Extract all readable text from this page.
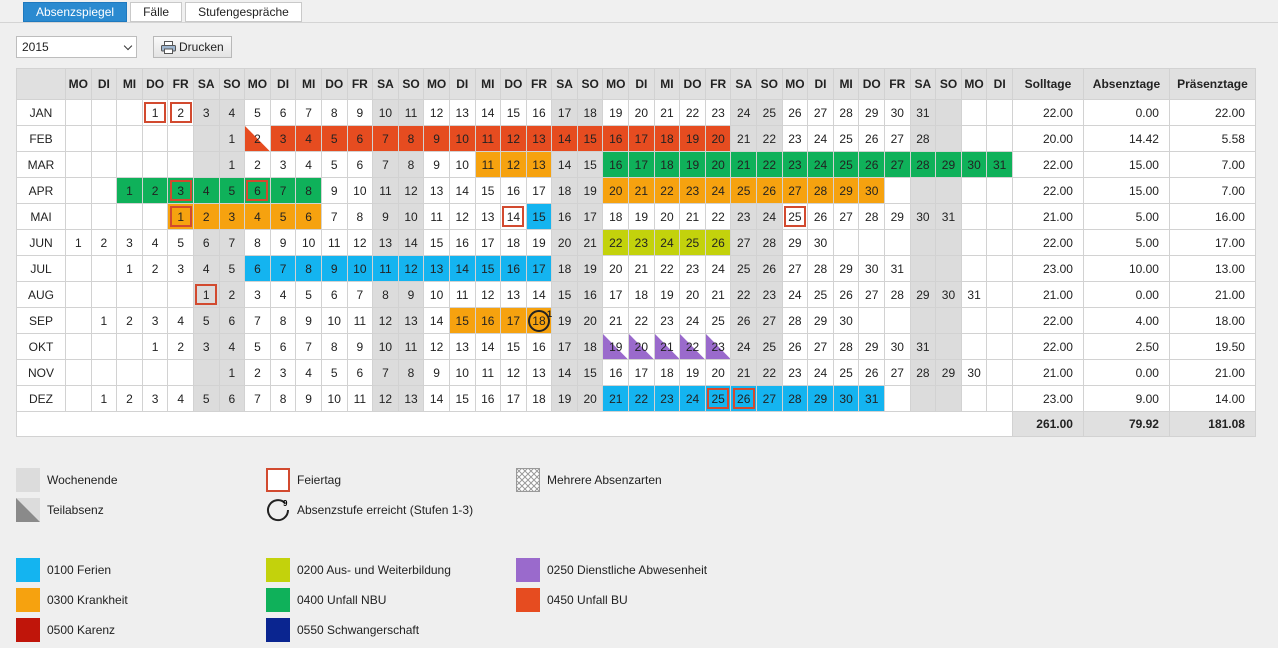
Absenzspiegel	Fälle	Stufengespräche
2015	Drucken
	MO	DI	MI	DO	FR	SA	SO	MO	DI	MI	DO	FR	SA	SO	MO	DI	MI	DO	FR	SA	SO	MO	DI	MI	DO	FR	SA	SO	MO	DI	MI	DO	FR	SA	SO	MO	DI	Solltage	Absenztage	Präsenztage
JAN				1	2	3	4	5	6	7	8	9	10	11	12	13	14	15	16	17	18	19	20	21	22	23	24	25	26	27	28	29	30	31				22.00	0.00	22.00
FEB							1	2	3	4	5	6	7	8	9	10	11	12	13	14	15	16	17	18	19	20	21	22	23	24	25	26	27	28				20.00	14.42	5.58
MAR							1	2	3	4	5	6	7	8	9	10	11	12	13	14	15	16	17	18	19	20	21	22	23	24	25	26	27	28	29	30	31	22.00	15.00	7.00
APR			1	2	3	4	5	6	7	8	9	10	11	12	13	14	15	16	17	18	19	20	21	22	23	24	25	26	27	28	29	30						22.00	15.00	7.00
MAI					1	2	3	4	5	6	7	8	9	10	11	12	13	14	15	16	17	18	19	20	21	22	23	24	25	26	27	28	29	30	31			21.00	5.00	16.00
JUN	1	2	3	4	5	6	7	8	9	10	11	12	13	14	15	16	17	18	19	20	21	22	23	24	25	26	27	28	29	30								22.00	5.00	17.00
JUL			1	2	3	4	5	6	7	8	9	10	11	12	13	14	15	16	17	18	19	20	21	22	23	24	25	26	27	28	29	30	31					23.00	10.00	13.00
AUG						1	2	3	4	5	6	7	8	9	10	11	12	13	14	15	16	17	18	19	20	21	22	23	24	25	26	27	28	29	30	31		21.00	0.00	21.00
SEP		1	2	3	4	5	6	7	8	9	10	11	12	13	14	15	16	17	18 1	19	20	21	22	23	24	25	26	27	28	29	30							22.00	4.00	18.00
OKT				1	2	3	4	5	6	7	8	9	10	11	12	13	14	15	16	17	18	19	20	21	22	23	24	25	26	27	28	29	30	31				22.00	2.50	19.50
NOV							1	2	3	4	5	6	7	8	9	10	11	12	13	14	15	16	17	18	19	20	21	22	23	24	25	26	27	28	29	30		21.00	0.00	21.00
DEZ		1	2	3	4	5	6	7	8	9	10	11	12	13	14	15	16	17	18	19	20	21	22	23	24	25	26	27	28	29	30	31						23.00	9.00	14.00
																																						261.00	79.92	181.08
Wochenende
Teilabsenz
Feiertag
9 Absenzstufe erreicht (Stufen 1-3)
Mehrere Absenzarten
0100 Ferien	0200 Aus- und Weiterbildung	0250 Dienstliche Abwesenheit
0300 Krankheit	0400 Unfall NBU	0450 Unfall BU
0500 Karenz	0550 Schwangerschaft
